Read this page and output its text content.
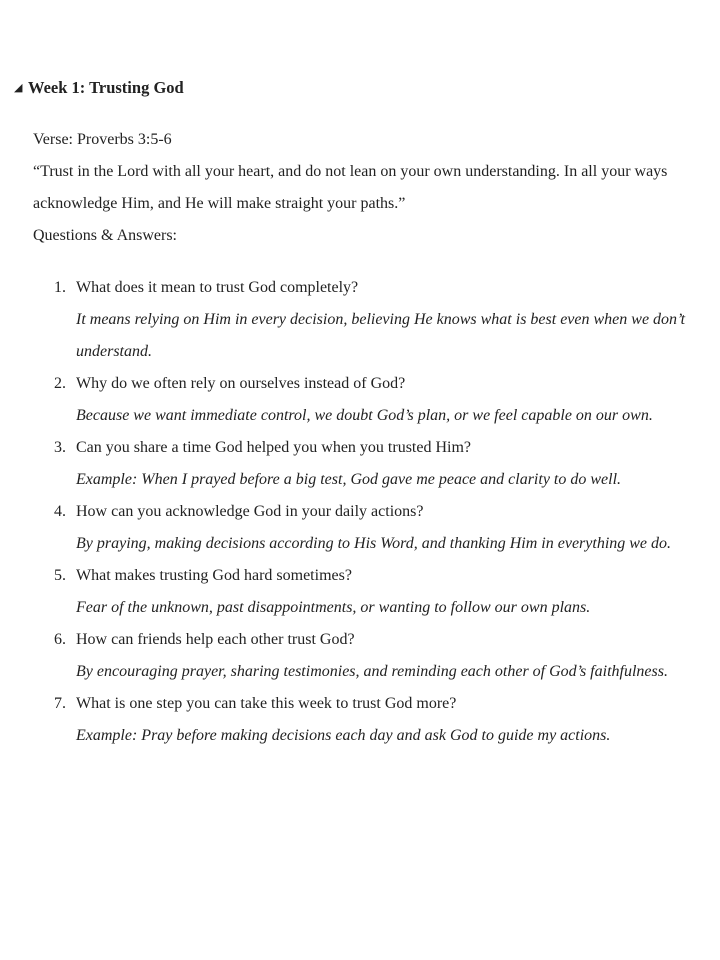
◢ Week 1: Trusting God

Verse: Proverbs 3:5-6

“Trust in the Lord with all your heart, and do not lean on your own understanding. In all your ways acknowledge Him, and He will make straight your paths.”

Questions & Answers:

1. What does it mean to trust God completely?
It means relying on Him in every decision, believing He knows what is best even when we don’t understand.
2. Why do we often rely on ourselves instead of God?
Because we want immediate control, we doubt God’s plan, or we feel capable on our own.
3. Can you share a time God helped you when you trusted Him?
Example: When I prayed before a big test, God gave me peace and clarity to do well.
4. How can you acknowledge God in your daily actions?
By praying, making decisions according to His Word, and thanking Him in everything we do.
5. What makes trusting God hard sometimes?
Fear of the unknown, past disappointments, or wanting to follow our own plans.
6. How can friends help each other trust God?
By encouraging prayer, sharing testimonies, and reminding each other of God’s faithfulness.
7. What is one step you can take this week to trust God more?
Example: Pray before making decisions each day and ask God to guide my actions.
